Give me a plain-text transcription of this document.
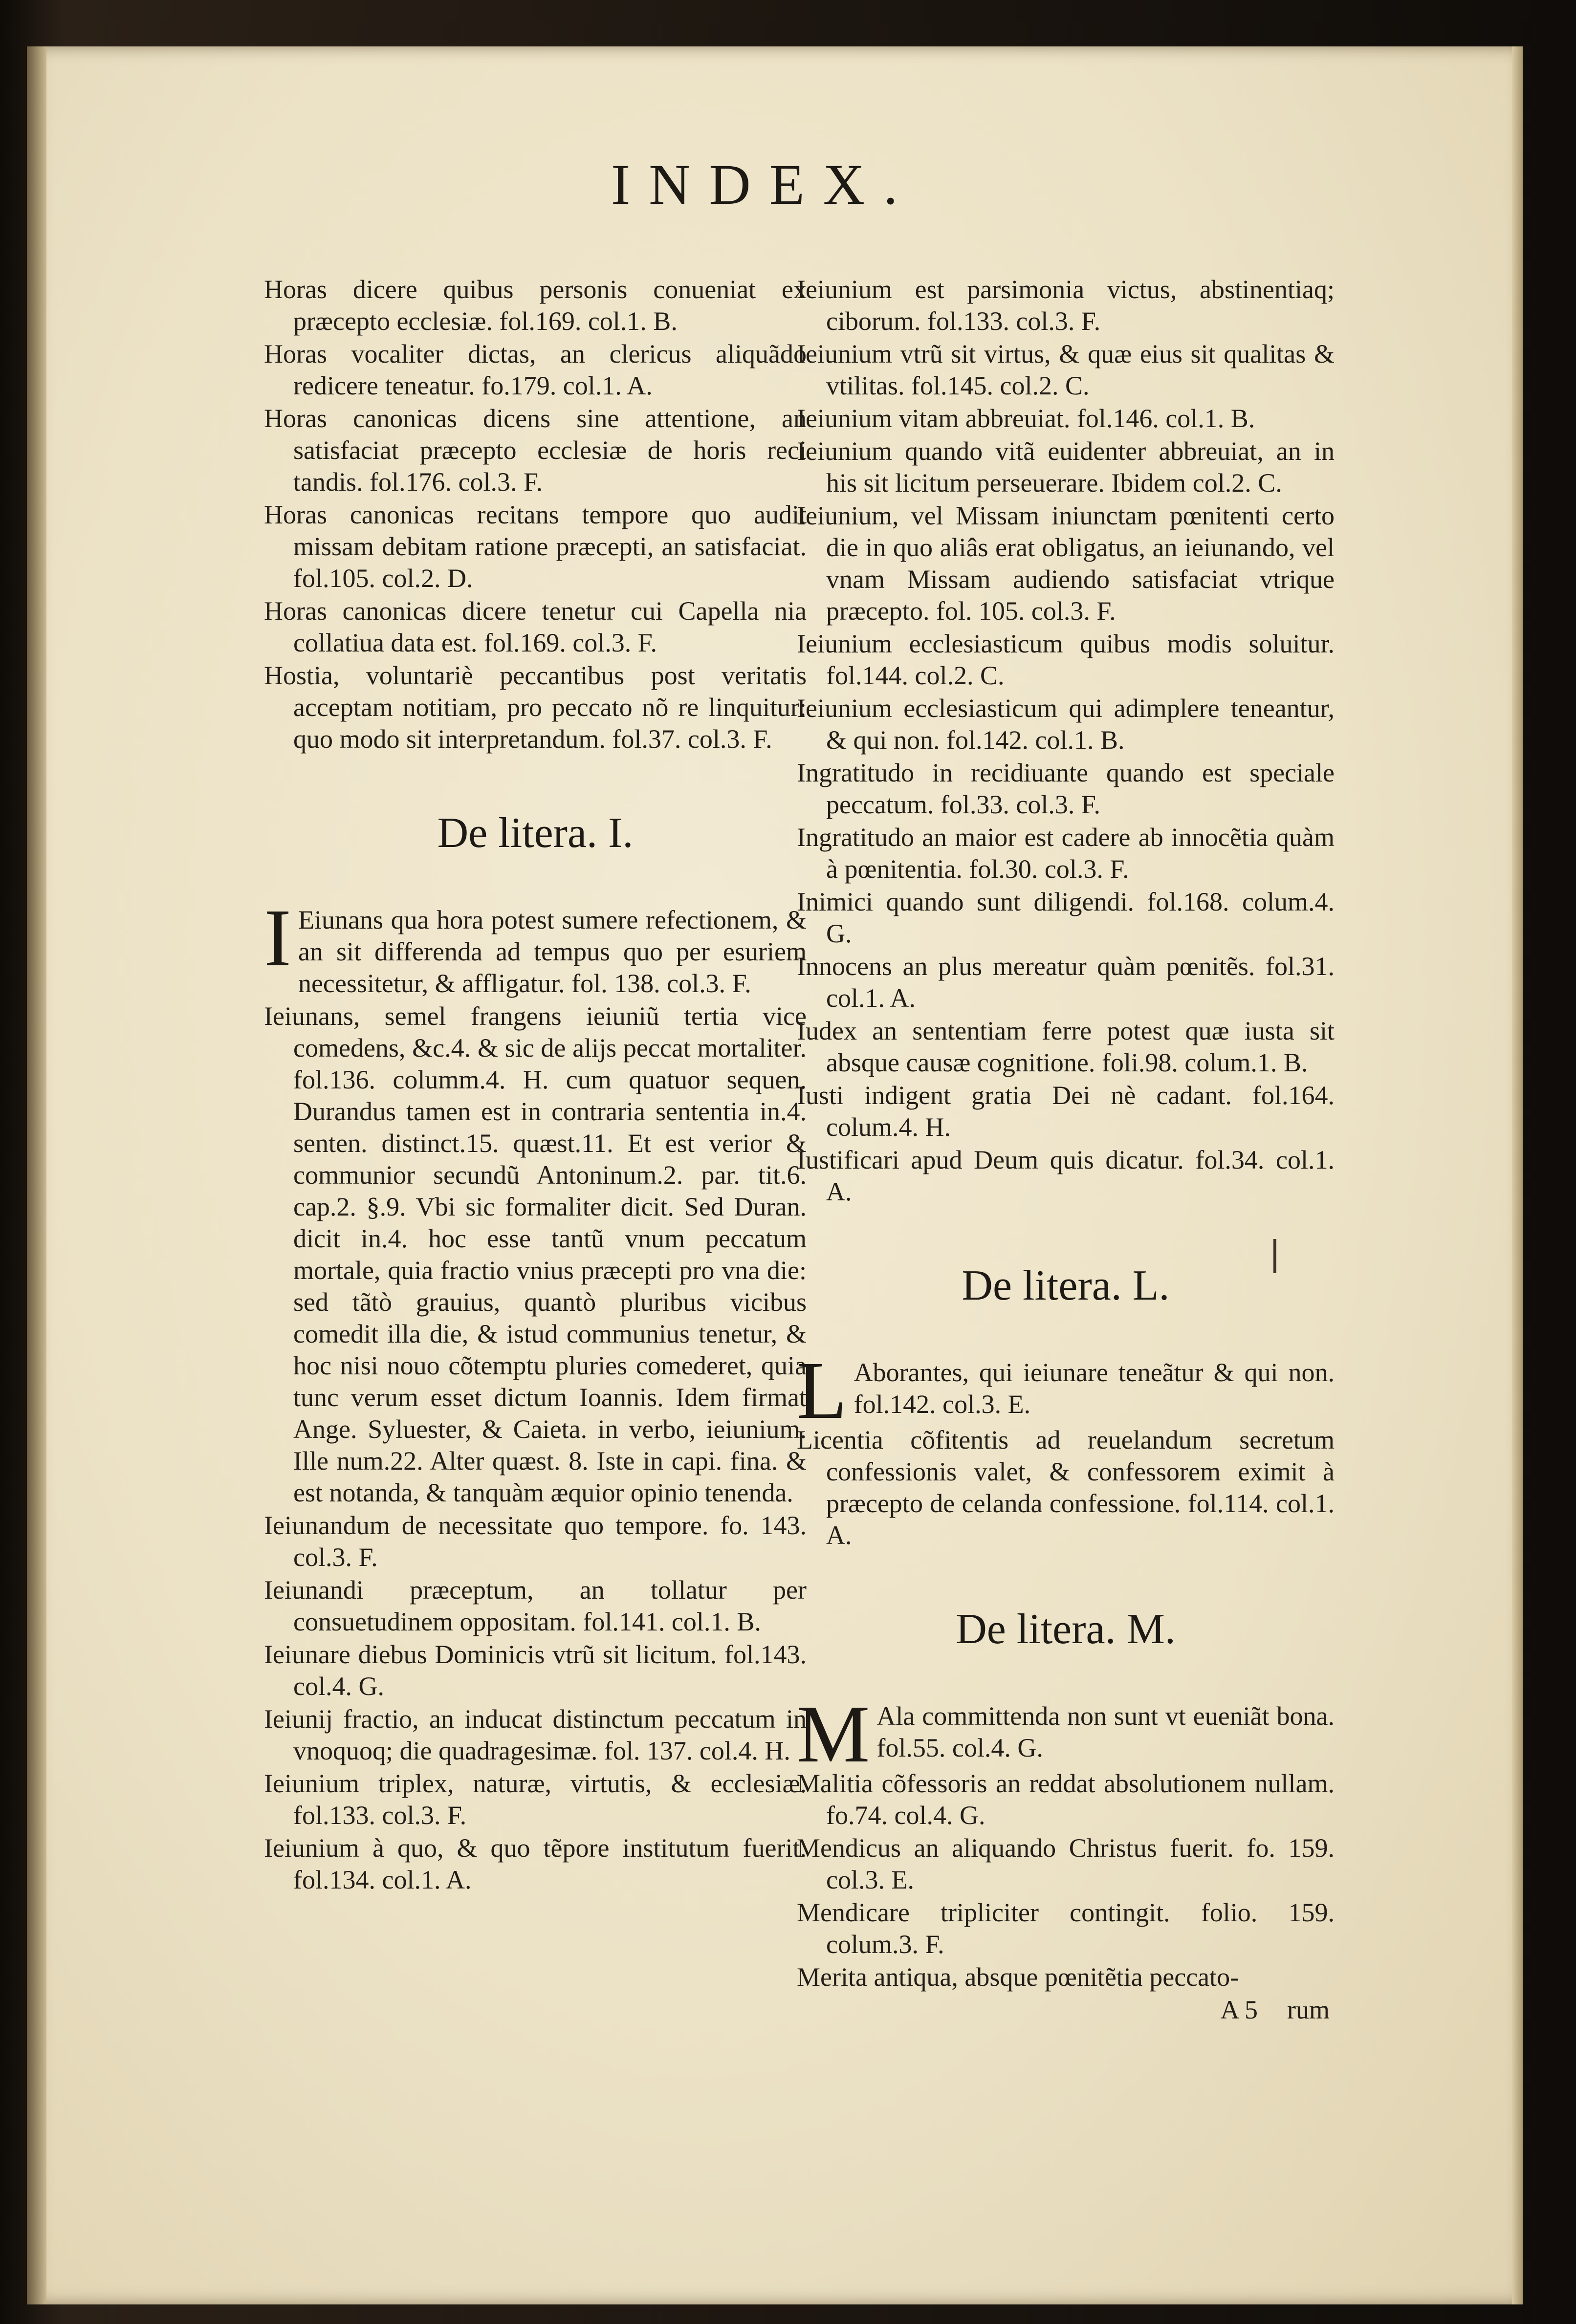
INDEX.

Horas dicere quibus personis conueniat ex præcepto ecclesiæ. fol.169. col.1. B.

Horas vocaliter dictas, an clericus aliquãdo redicere teneatur. fo.179. col.1. A.

Horas canonicas dicens sine attentione, an satisfaciat præcepto ecclesiæ de horis reci tandis. fol.176. col.3. F.

Horas canonicas recitans tempore quo audit missam debitam ratione præcepti, an satisfaciat. fol.105. col.2. D.

Horas canonicas dicere tenetur cui Capella nia collatiua data est. fol.169. col.3. F.

Hostia, voluntariè peccantibus post veritatis acceptam notitiam, pro peccato nõ re linquitur: quo modo sit interpretandum. fol.37. col.3. F.

De litera. I.
I Eiunans qua hora potest sumere refectionem, & an sit differenda ad tempus quo per esuriem necessitetur, & affligatur. fol. 138. col.3. F.

Ieiunans, semel frangens ieiuniũ tertia vice comedens, &c.4. & sic de alijs peccat mortaliter. fol.136. columm.4. H. cum quatuor sequen. Durandus tamen est in contraria sententia in.4. senten. distinct.15. quæst.11. Et est verior & communior secundũ Antoninum.2. par. tit.6. cap.2. §.9. Vbi sic formaliter dicit. Sed Duran. dicit in.4. hoc esse tantũ vnum peccatum mortale, quia fractio vnius præcepti pro vna die: sed tãtò grauius, quantò pluribus vicibus comedit illa die, & istud communius tenetur, & hoc nisi nouo cõtemptu pluries comederet, quia tunc verum esset dictum Ioannis. Idem firmat Ange. Syluester, & Caieta. in verbo, ieiunium. Ille num.22. Alter quæst. 8. Iste in capi. fina. & est notanda, & tanquàm æquior opinio tenenda.

Ieiunandum de necessitate quo tempore. fo. 143. col.3. F.

Ieiunandi præceptum, an tollatur per consuetudinem oppositam. fol.141. col.1. B.

Ieiunare diebus Dominicis vtrũ sit licitum. fol.143. col.4. G.

Ieiunij fractio, an inducat distinctum peccatum in vnoquoq; die quadragesimæ. fol. 137. col.4. H.

Ieiunium triplex, naturæ, virtutis, & ecclesiæ. fol.133. col.3. F.

Ieiunium à quo, & quo tẽpore institutum fuerit. fol.134. col.1. A.

Ieiunium est parsimonia victus, abstinentiaq; ciborum. fol.133. col.3. F.

Ieiunium vtrũ sit virtus, & quæ eius sit qualitas & vtilitas. fol.145. col.2. C.

Ieiunium vitam abbreuiat. fol.146. col.1. B.

Ieiunium quando vitã euidenter abbreuiat, an in his sit licitum perseuerare. Ibidem col.2. C.

Ieiunium, vel Missam iniunctam pœnitenti certo die in quo aliâs erat obligatus, an ieiunando, vel vnam Missam audiendo satisfaciat vtrique præcepto. fol. 105. col.3. F.

Ieiunium ecclesiasticum quibus modis soluitur. fol.144. col.2. C.

Ieiunium ecclesiasticum qui adimplere teneantur, & qui non. fol.142. col.1. B.

Ingratitudo in recidiuante quando est speciale peccatum. fol.33. col.3. F.

Ingratitudo an maior est cadere ab innocẽtia quàm à pœnitentia. fol.30. col.3. F.

Inimici quando sunt diligendi. fol.168. colum.4. G.

Innocens an plus mereatur quàm pœnitẽs. fol.31. col.1. A.

Iudex an sententiam ferre potest quæ iusta sit absque causæ cognitione. foli.98. colum.1. B.

Iusti indigent gratia Dei nè cadant. fol.164. colum.4. H.

Iustificari apud Deum quis dicatur. fol.34. col.1. A.

De litera. L.
L Aborantes, qui ieiunare teneãtur & qui non. fol.142. col.3. E.

Licentia cõfitentis ad reuelandum secretum confessionis valet, & confessorem eximit à præcepto de celanda confessione. fol.114. col.1. A.

De litera. M.
M Ala committenda non sunt vt eueniãt bona. fol.55. col.4. G.

Malitia cõfessoris an reddat absolutionem nullam. fo.74. col.4. G.

Mendicus an aliquando Christus fuerit. fo. 159. col.3. E.

Mendicare tripliciter contingit. folio. 159. colum.3. F.

Merita antiqua, absque pœnitẽtia peccato-

A 5 rum
